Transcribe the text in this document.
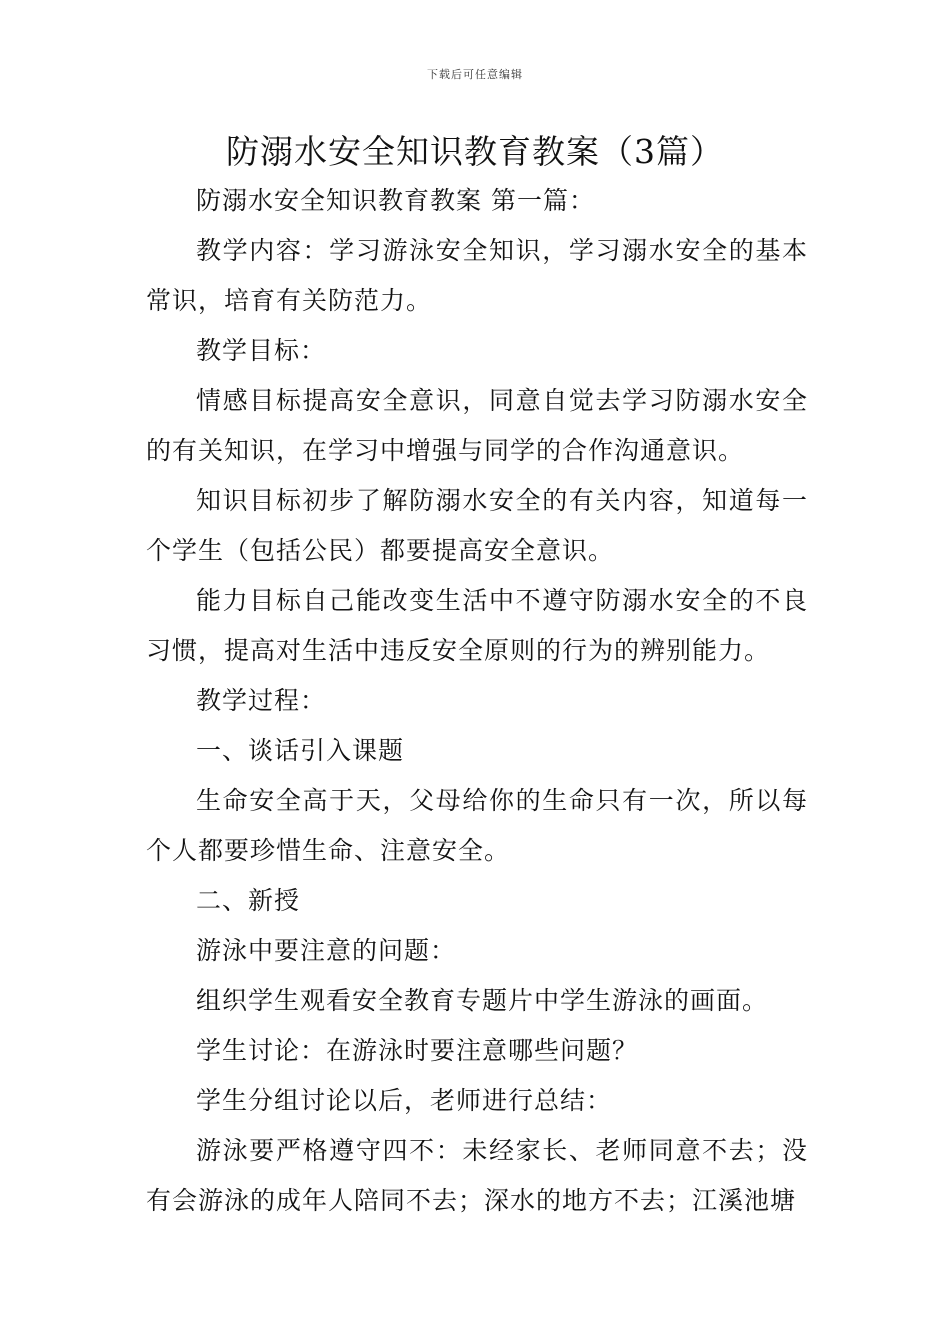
下载后可任意编辑
防溺水安全知识教育教案（3篇）

防溺水安全知识教育教案 第一篇：

教学内容：学习游泳安全知识，学习溺水安全的基本常识，培育有关防范力。

教学目标：

情感目标提高安全意识，同意自觉去学习防溺水安全的有关知识，在学习中增强与同学的合作沟通意识。

知识目标初步了解防溺水安全的有关内容，知道每一个学生（包括公民）都要提高安全意识。

能力目标自己能改变生活中不遵守防溺水安全的不良习惯，提高对生活中违反安全原则的行为的辨别能力。

教学过程：

一、谈话引入课题

生命安全高于天，父母给你的生命只有一次，所以每个人都要珍惜生命、注意安全。

二、新授

游泳中要注意的问题：

组织学生观看安全教育专题片中学生游泳的画面。

学生讨论：在游泳时要注意哪些问题？

学生分组讨论以后，老师进行总结：

游泳要严格遵守四不：未经家长、老师同意不去；没有会游泳的成年人陪同不去；深水的地方不去；江溪池塘
